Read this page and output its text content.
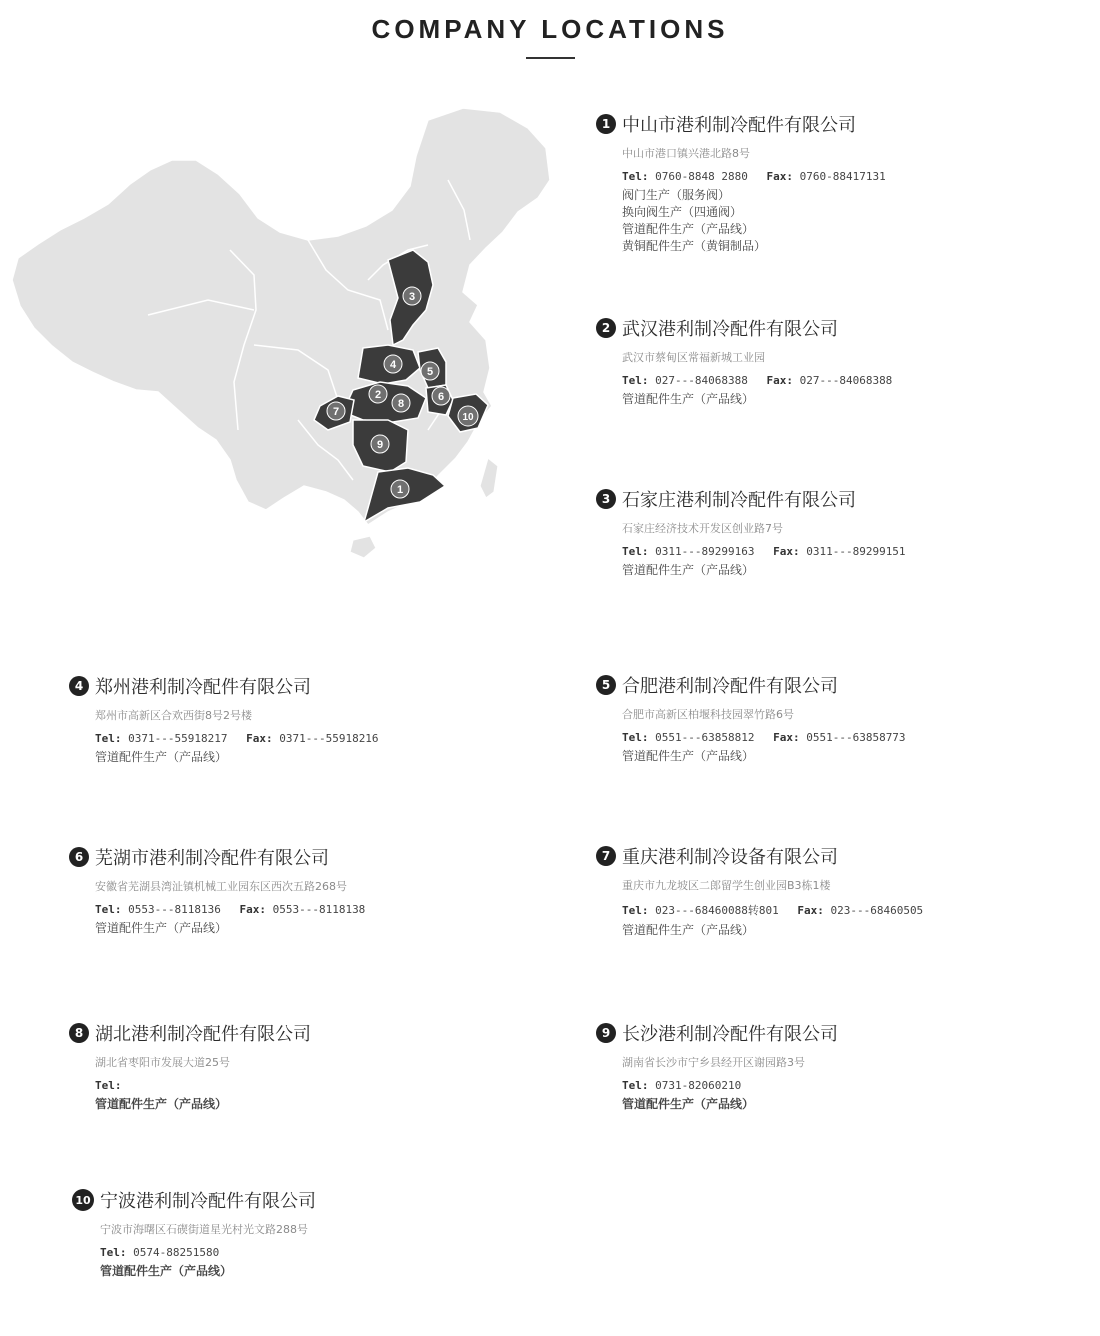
COMPANY LOCATIONS
1
2
3
4
5
6
7
8
9
10
1 中山市港利制冷配件有限公司
中山市港口镇兴港北路8号
Tel: 0760-8848 2880 Fax: 0760-88417131
阀门生产（服务阀）
换向阀生产（四通阀）
管道配件生产（产品线）
黄铜配件生产（黄铜制品）
2 武汉港利制冷配件有限公司
武汉市蔡甸区常福新城工业园
Tel: 027---84068388 Fax: 027---84068388
管道配件生产（产品线）
3 石家庄港利制冷配件有限公司
石家庄经济技术开发区创业路7号
Tel: 0311---89299163 Fax: 0311---89299151
管道配件生产（产品线）
4 郑州港利制冷配件有限公司
郑州市高新区合欢西街8号2号楼
Tel: 0371---55918217 Fax: 0371---55918216
管道配件生产（产品线）
5 合肥港利制冷配件有限公司
合肥市高新区柏堰科技园翠竹路6号
Tel: 0551---63858812 Fax: 0551---63858773
管道配件生产（产品线）
6 芜湖市港利制冷配件有限公司
安徽省芜湖县湾沚镇机械工业园东区西次五路268号
Tel: 0553---8118136 Fax: 0553---8118138
管道配件生产（产品线）
7 重庆港利制冷设备有限公司
重庆市九龙坡区二郎留学生创业园B3栋1楼
Tel: 023---68460088转801 Fax: 023---68460505
管道配件生产（产品线）
8 湖北港利制冷配件有限公司
湖北省枣阳市发展大道25号
Tel:
管道配件生产（产品线）
9 长沙港利制冷配件有限公司
湖南省长沙市宁乡县经开区谢园路3号
Tel: 0731-82060210
管道配件生产（产品线）
10 宁波港利制冷配件有限公司
宁波市海曙区石碶街道星光村光文路288号
Tel: 0574-88251580
管道配件生产（产品线）
